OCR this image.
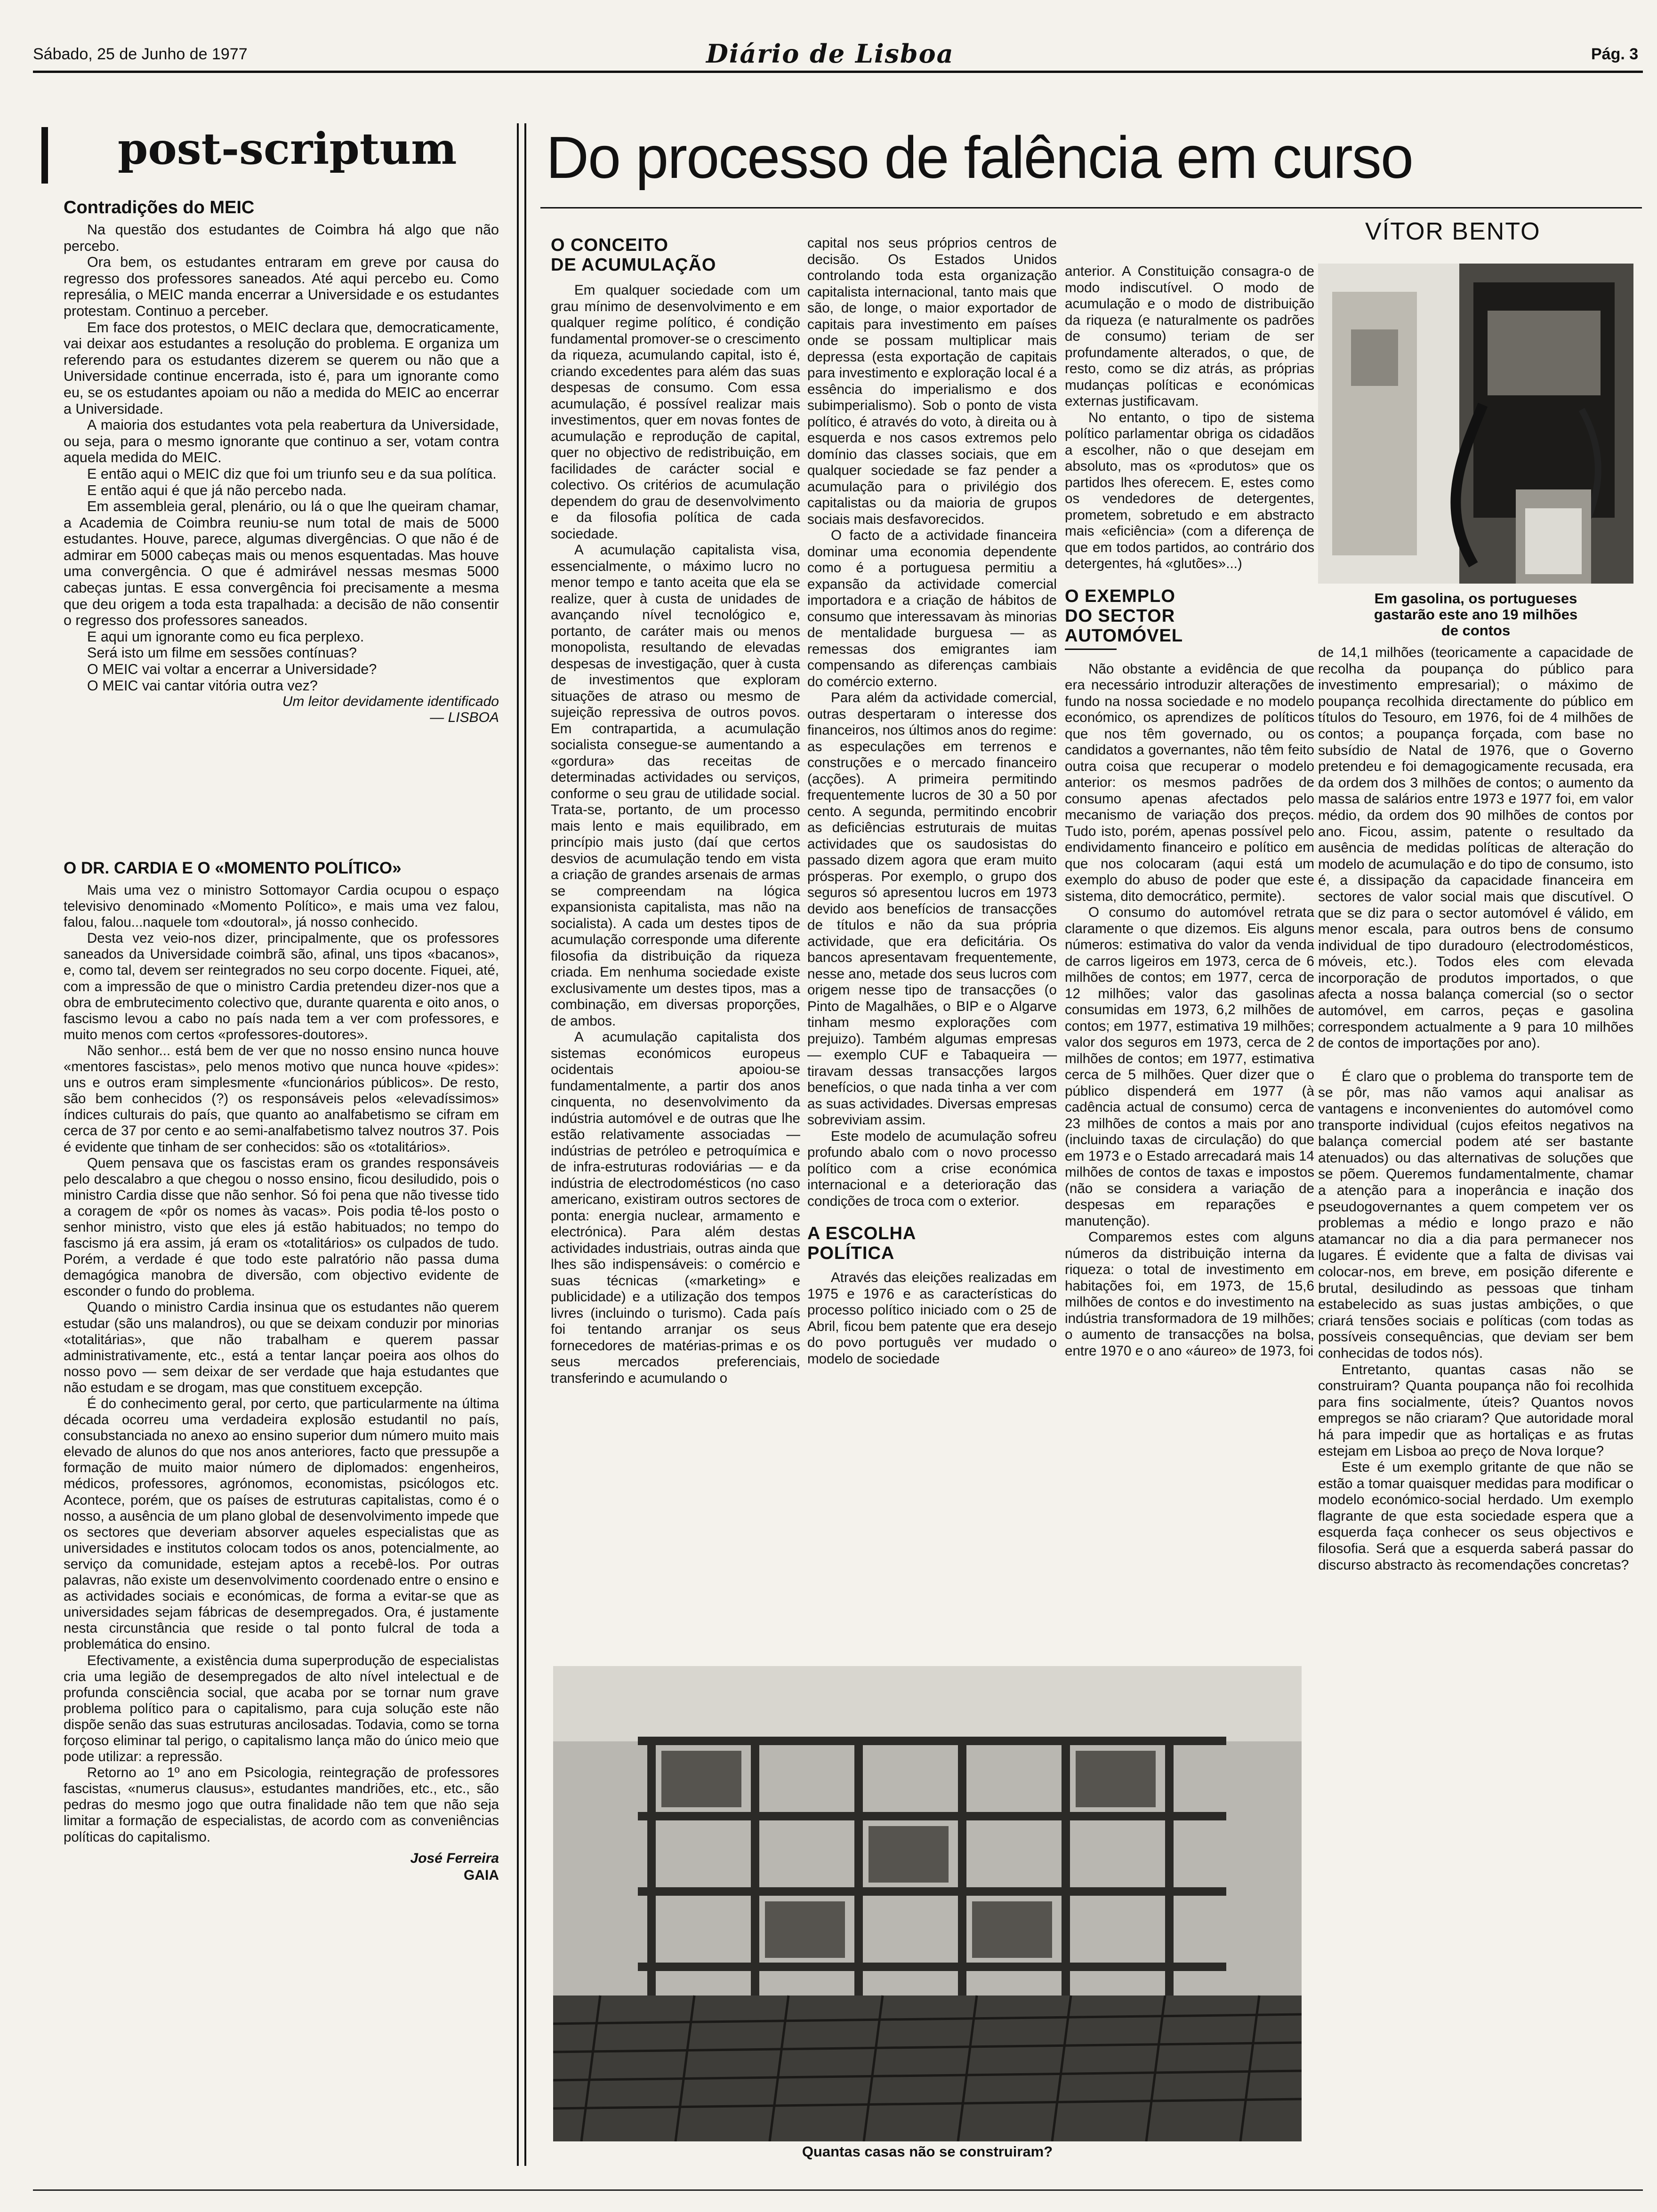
Sábado, 25 de Junho de 1977	Diário de Lisboa	Pág. 3
post-scriptum
Contradições do MEIC

Na questão dos estudantes de Coimbra há algo que não percebo.

Ora bem, os estudantes entraram em greve por causa do regresso dos professores saneados. Até aqui percebo eu. Como represália, o MEIC manda encerrar a Universidade e os estudantes protestam. Continuo a perceber.

Em face dos protestos, o MEIC declara que, democraticamente, vai deixar aos estudantes a resolução do problema. E organiza um referendo para os estudantes dizerem se querem ou não que a Universidade continue encerrada, isto é, para um ignorante como eu, se os estudantes apoiam ou não a medida do MEIC ao encerrar a Universidade.

A maioria dos estudantes vota pela reabertura da Universidade, ou seja, para o mesmo ignorante que continuo a ser, votam contra aquela medida do MEIC.

E então aqui o MEIC diz que foi um triunfo seu e da sua política.

E então aqui é que já não percebo nada.

Em assembleia geral, plenário, ou lá o que lhe queiram chamar, a Academia de Coimbra reuniu-se num total de mais de 5000 estudantes. Houve, parece, algumas divergências. O que não é de admirar em 5000 cabeças mais ou menos esquentadas. Mas houve uma convergência. O que é admirável nessas mesmas 5000 cabeças juntas. E essa convergência foi precisamente a mesma que deu origem a toda esta trapalhada: a decisão de não consentir o regresso dos professores saneados.

E aqui um ignorante como eu fica perplexo.

Será isto um filme em sessões contínuas?

O MEIC vai voltar a encerrar a Universidade?

O MEIC vai cantar vitória outra vez?

Um leitor devidamente identificado
— LISBOA
O DR. CARDIA E O «MOMENTO POLÍTICO»

Mais uma vez o ministro Sottomayor Cardia ocupou o espaço televisivo denominado «Momento Político», e mais uma vez falou, falou, falou...naquele tom «doutoral», já nosso conhecido.

Desta vez veio-nos dizer, principalmente, que os professores saneados da Universidade coimbrã são, afinal, uns tipos «bacanos», e, como tal, devem ser reintegrados no seu corpo docente. Fiquei, até, com a impressão de que o ministro Cardia pretendeu dizer-nos que a obra de embrutecimento colectivo que, durante quarenta e oito anos, o fascismo levou a cabo no país nada tem a ver com professores, e muito menos com certos «professores-doutores».

Não senhor... está bem de ver que no nosso ensino nunca houve «mentores fascistas», pelo menos motivo que nunca houve «pides»: uns e outros eram simplesmente «funcionários públicos». De resto, são bem conhecidos (?) os responsáveis pelos «elevadíssimos» índices culturais do país, que quanto ao analfabetismo se cifram em cerca de 37 por cento e ao semi-analfabetismo talvez noutros 37. Pois é evidente que tinham de ser conhecidos: são os «totalitários».

Quem pensava que os fascistas eram os grandes responsáveis pelo descalabro a que chegou o nosso ensino, ficou desiludido, pois o ministro Cardia disse que não senhor. Só foi pena que não tivesse tido a coragem de «pôr os nomes às vacas». Pois podia tê-los posto o senhor ministro, visto que eles já estão habituados; no tempo do fascismo já era assim, já eram os «totalitários» os culpados de tudo. Porém, a verdade é que todo este palratório não passa duma demagógica manobra de diversão, com objectivo evidente de esconder o fundo do problema.

Quando o ministro Cardia insinua que os estudantes não querem estudar (são uns malandros), ou que se deixam conduzir por minorias «totalitárias», que não trabalham e querem passar administrativamente, etc., está a tentar lançar poeira aos olhos do nosso povo — sem deixar de ser verdade que haja estudantes que não estudam e se drogam, mas que constituem excepção.

É do conhecimento geral, por certo, que particularmente na última década ocorreu uma verdadeira explosão estudantil no país, consubstanciada no anexo ao ensino superior dum número muito mais elevado de alunos do que nos anos anteriores, facto que pressupõe a formação de muito maior número de diplomados: engenheiros, médicos, professores, agrónomos, economistas, psicólogos etc. Acontece, porém, que os países de estruturas capitalistas, como é o nosso, a ausência de um plano global de desenvolvimento impede que os sectores que deveriam absorver aqueles especialistas que as universidades e institutos colocam todos os anos, potencialmente, ao serviço da comunidade, estejam aptos a recebê-los. Por outras palavras, não existe um desenvolvimento coordenado entre o ensino e as actividades sociais e económicas, de forma a evitar-se que as universidades sejam fábricas de desempregados. Ora, é justamente nesta circunstância que reside o tal ponto fulcral de toda a problemática do ensino.

Efectivamente, a existência duma superprodução de especialistas cria uma legião de desempregados de alto nível intelectual e de profunda consciência social, que acaba por se tornar num grave problema político para o capitalismo, para cuja solução este não dispõe senão das suas estruturas ancilosadas. Todavia, como se torna forçoso eliminar tal perigo, o capitalismo lança mão do único meio que pode utilizar: a repressão.

Retorno ao 1º ano em Psicologia, reintegração de professores fascistas, «numerus clausus», estudantes mandriões, etc., etc., são pedras do mesmo jogo que outra finalidade não tem que não seja limitar a formação de especialistas, de acordo com as conveniências políticas do capitalismo.

José Ferreira
GAIA
Do processo de falência em curso
VÍTOR BENTO
O CONCEITO
DE ACUMULAÇÃO

Em qualquer sociedade com um grau mínimo de desenvolvimento e em qualquer regime político, é condição fundamental promover-se o crescimento da riqueza, acumulando capital, isto é, criando excedentes para além das suas despesas de consumo. Com essa acumulação, é possível realizar mais investimentos, quer em novas fontes de acumulação e reprodução de capital, quer no objectivo de redistribuição, em facilidades de carácter social e colectivo. Os critérios de acumulação dependem do grau de desenvolvimento e da filosofia política de cada sociedade.

A acumulação capitalista visa, essencialmente, o máximo lucro no menor tempo e tanto aceita que ela se realize, quer à custa de unidades de avançando nível tecnológico e, portanto, de caráter mais ou menos monopolista, resultando de elevadas despesas de investigação, quer à custa de investimentos que exploram situações de atraso ou mesmo de sujeição repressiva de outros povos. Em contrapartida, a acumulação socialista consegue-se aumentando a «gordura» das receitas de determinadas actividades ou serviços, conforme o seu grau de utilidade social. Trata-se, portanto, de um processo mais lento e mais equilibrado, em princípio mais justo (daí que certos desvios de acumulação tendo em vista a criação de grandes arsenais de armas se compreendam na lógica expansionista capitalista, mas não na socialista). A cada um destes tipos de acumulação corresponde uma diferente filosofia da distribuição da riqueza criada. Em nenhuma sociedade existe exclusivamente um destes tipos, mas a combinação, em diversas proporções, de ambos.

A acumulação capitalista dos sistemas económicos europeus ocidentais apoiou-se fundamentalmente, a partir dos anos cinquenta, no desenvolvimento da indústria automóvel e de outras que lhe estão relativamente associadas — indústrias de petróleo e petroquímica e de infra-estruturas rodoviárias — e da indústria de electrodomésticos (no caso americano, existiram outros sectores de ponta: energia nuclear, armamento e electrónica). Para além destas actividades industriais, outras ainda que lhes são indispensáveis: o comércio e suas técnicas («marketing» e publicidade) e a utilização dos tempos livres (incluindo o turismo). Cada país foi tentando arranjar os seus fornecedores de matérias-primas e os seus mercados preferenciais, transferindo e acumulando o

capital nos seus próprios centros de decisão. Os Estados Unidos controlando toda esta organização capitalista internacional, tanto mais que são, de longe, o maior exportador de capitais para investimento em países onde se possam multiplicar mais depressa (esta exportação de capitais para investimento e exploração local é a essência do imperialismo e dos subimperialismo). Sob o ponto de vista político, é através do voto, à direita ou à esquerda e nos casos extremos pelo domínio das classes sociais, que em qualquer sociedade se faz pender a acumulação para o privilégio dos capitalistas ou da maioria de grupos sociais mais desfavorecidos.

O facto de a actividade financeira dominar uma economia dependente como é a portuguesa permitiu a expansão da actividade comercial importadora e a criação de hábitos de consumo que interessavam às minorias de mentalidade burguesa — as remessas dos emigrantes iam compensando as diferenças cambiais do comércio externo.

Para além da actividade comercial, outras despertaram o interesse dos financeiros, nos últimos anos do regime: as especulações em terrenos e construções e o mercado financeiro (acções). A primeira permitindo frequentemente lucros de 30 a 50 por cento. A segunda, permitindo encobrir as deficiências estruturais de muitas actividades que os saudosistas do passado dizem agora que eram muito prósperas. Por exemplo, o grupo dos seguros só apresentou lucros em 1973 devido aos benefícios de transacções de títulos e não da sua própria actividade, que era deficitária. Os bancos apresentavam frequentemente, nesse ano, metade dos seus lucros com origem nesse tipo de transacções (o Pinto de Magalhães, o BIP e o Algarve tinham mesmo explorações com prejuizo). Também algumas empresas — exemplo CUF e Tabaqueira — tiravam dessas transacções largos benefícios, o que nada tinha a ver com as suas actividades. Diversas empresas sobreviviam assim.

Este modelo de acumulação sofreu profundo abalo com o novo processo político com a crise económica internacional e a deterioração das condições de troca com o exterior.

A ESCOLHA
POLÍTICA

Através das eleições realizadas em 1975 e 1976 e as características do processo político iniciado com o 25 de Abril, ficou bem patente que era desejo do povo português ver mudado o modelo de sociedade

anterior. A Constituição consagra-o de modo indiscutível. O modo de acumulação e o modo de distribuição da riqueza (e naturalmente os padrões de consumo) teriam de ser profundamente alterados, o que, de resto, como se diz atrás, as próprias mudanças políticas e económicas externas justificavam.

No entanto, o tipo de sistema político parlamentar obriga os cidadãos a escolher, não o que desejam em absoluto, mas os «produtos» que os partidos lhes oferecem. E, estes como os vendedores de detergentes, prometem, sobretudo e em abstracto mais «eficiência» (com a diferença de que em todos partidos, ao contrário dos detergentes, há «glutões»...)

O EXEMPLO
DO SECTOR
AUTOMÓVEL

Não obstante a evidência de que era necessário introduzir alterações de fundo na nossa sociedade e no modelo económico, os aprendizes de políticos que nos têm governado, ou os candidatos a governantes, não têm feito outra coisa que recuperar o modelo anterior: os mesmos padrões de consumo apenas afectados pelo mecanismo de variação dos preços. Tudo isto, porém, apenas possível pelo endividamento financeiro e político em que nos colocaram (aqui está um exemplo do abuso de poder que este sistema, dito democrático, permite).

O consumo do automóvel retrata claramente o que dizemos. Eis alguns números: estimativa do valor da venda de carros ligeiros em 1973, cerca de 6 milhões de contos; em 1977, cerca de 12 milhões; valor das gasolinas consumidas em 1973, 6,2 milhões de contos; em 1977, estimativa 19 milhões; valor dos seguros em 1973, cerca de 2 milhões de contos; em 1977, estimativa cerca de 5 milhões. Quer dizer que o público dispenderá em 1977 (à cadência actual de consumo) cerca de 23 milhões de contos a mais por ano (incluindo taxas de circulação) do que em 1973 e o Estado arrecadará mais 14 milhões de contos de taxas e impostos (não se considera a variação de despesas em reparações e manutenção).

Comparemos estes com alguns números da distribuição interna da riqueza: o total de investimento em habitações foi, em 1973, de 15,6 milhões de contos e do investimento na indústria transformadora de 19 milhões; o aumento de transacções na bolsa, entre 1970 e o ano «áureo» de 1973, foi

Em gasolina, os portugueses
gastarão este ano 19 milhões
de contos

de 14,1 milhões (teoricamente a capacidade de recolha da poupança do público para investimento empresarial); o máximo de poupança recolhida directamente do público em títulos do Tesouro, em 1976, foi de 4 milhões de contos; a poupança forçada, com base no subsídio de Natal de 1976, que o Governo pretendeu e foi demagogicamente recusada, era da ordem dos 3 milhões de contos; o aumento da massa de salários entre 1973 e 1977 foi, em valor médio, da ordem dos 90 milhões de contos por ano. Ficou, assim, patente o resultado da ausência de medidas políticas de alteração do modelo de acumulação e do tipo de consumo, isto é, a dissipação da capacidade financeira em sectores de valor social mais que discutível. O que se diz para o sector automóvel é válido, em menor escala, para outros bens de consumo individual de tipo duradouro (electrodomésticos, móveis, etc.). Todos eles com elevada incorporação de produtos importados, o que afecta a nossa balança comercial (so o sector automóvel, em carros, peças e gasolina correspondem actualmente a 9 para 10 milhões de contos de importações por ano).

É claro que o problema do transporte tem de se pôr, mas não vamos aqui analisar as vantagens e inconvenientes do automóvel como transporte individual (cujos efeitos negativos na balança comercial podem até ser bastante atenuados) ou das alternativas de soluções que se põem. Queremos fundamentalmente, chamar a atenção para a inoperância e inação dos pseudogovernantes a quem competem ver os problemas a médio e longo prazo e não atamancar no dia a dia para permanecer nos lugares. É evidente que a falta de divisas vai colocar-nos, em breve, em posição diferente e brutal, desiludindo as pessoas que tinham estabelecido as suas justas ambições, o que criará tensões sociais e políticas (com todas as possíveis consequências, que deviam ser bem conhecidas de todos nós).

Entretanto, quantas casas não se construiram? Quanta poupança não foi recolhida para fins socialmente, úteis? Quantos novos empregos se não criaram? Que autoridade moral há para impedir que as hortaliças e as frutas estejam em Lisboa ao preço de Nova Iorque?

Este é um exemplo gritante de que não se estão a tomar quaisquer medidas para modificar o modelo económico-social herdado. Um exemplo flagrante de que esta sociedade espera que a esquerda faça conhecer os seus objectivos e filosofia. Será que a esquerda saberá passar do discurso abstracto às recomendações concretas?

Quantas casas não se construiram?
